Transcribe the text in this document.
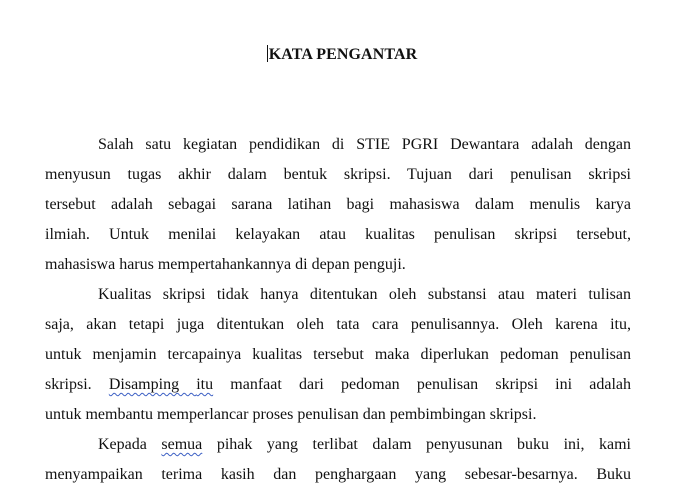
KATA PENGANTAR
Salah satu kegiatan pendidikan di STIE PGRI Dewantara adalah dengan
menyusun tugas akhir dalam bentuk skripsi. Tujuan dari penulisan skripsi
tersebut adalah sebagai sarana latihan bagi mahasiswa dalam menulis karya
ilmiah. Untuk menilai kelayakan atau kualitas penulisan skripsi tersebut,
mahasiswa harus mempertahankannya di depan penguji.
Kualitas skripsi tidak hanya ditentukan oleh substansi atau materi tulisan
saja, akan tetapi juga ditentukan oleh tata cara penulisannya. Oleh karena itu,
untuk menjamin tercapainya kualitas tersebut maka diperlukan pedoman penulisan
skripsi. Disamping itu manfaat dari pedoman penulisan skripsi ini adalah
untuk membantu memperlancar proses penulisan dan pembimbingan skripsi.
Kepada semua pihak yang terlibat dalam penyusunan buku ini, kami
menyampaikan terima kasih dan penghargaan yang sebesar-besarnya. Buku
